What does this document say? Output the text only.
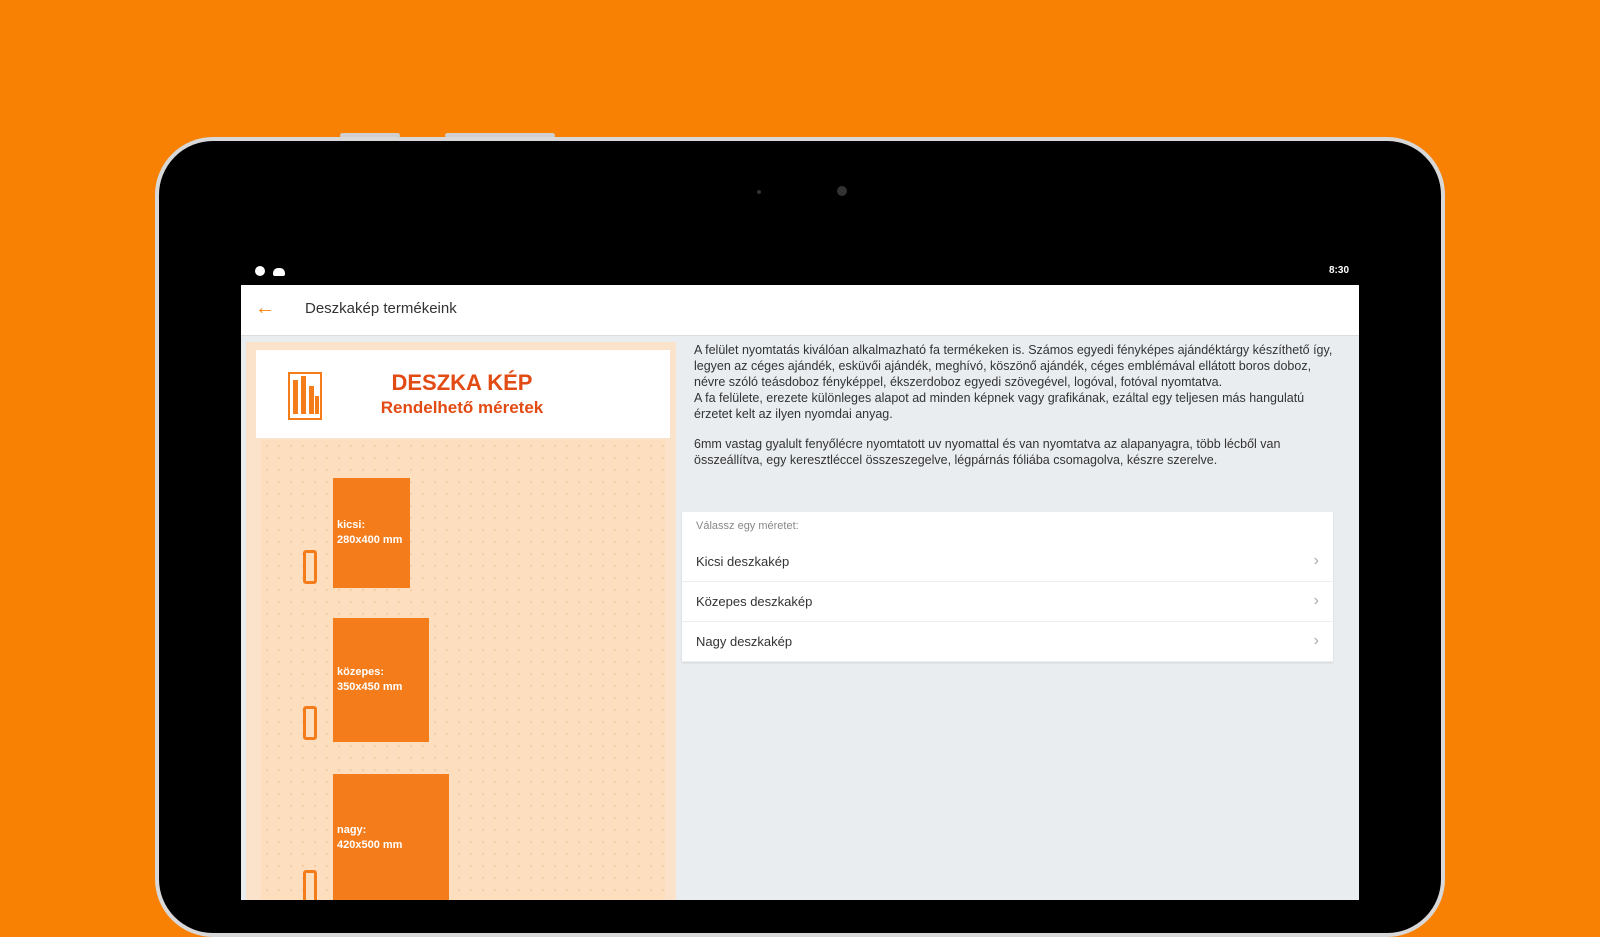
8:30
← Deszkakép termékeink
DESZKA KÉP
Rendelhető méretek
kicsi:
280x400 mm
közepes:
350x450 mm
nagy:
420x500 mm

A felület nyomtatás kiválóan alkalmazható fa termékeken is. Számos egyedi fényképes ajándéktárgy készíthető így, legyen az céges ajándék, esküvői ajándék, meghívó, köszönő ajándék, céges emblémával ellátott boros doboz, névre szóló teásdoboz fényképpel, ékszerdoboz egyedi szövegével, logóval, fotóval nyomtatva.

A fa felülete, erezete különleges alapot ad minden képnek vagy grafikának, ezáltal egy teljesen más hangulatú érzetet kelt az ilyen nyomdai anyag.

6mm vastag gyalult fenyőlécre nyomtatott uv nyomattal és van nyomtatva az alapanyagra, több lécből van összeállítva, egy keresztléccel összeszegelve, légpárnás fóliába csomagolva, készre szerelve.

Válassz egy méretet:
Kicsi deszkakép	›
Közepes deszkakép	›
Nagy deszkakép	›
